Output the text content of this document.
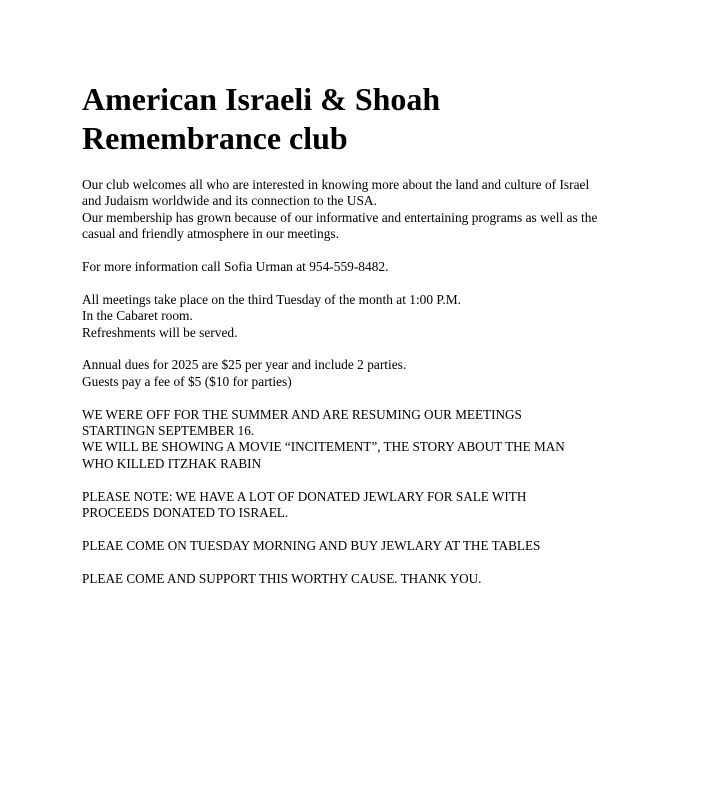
American Israeli & Shoah
Remembrance club

Our club welcomes all who are interested in knowing more about the land and culture of Israel
and Judaism worldwide and its connection to the USA.
Our membership has grown because of our informative and entertaining programs as well as the
casual and friendly atmosphere in our meetings.

For more information call Sofia Urman at 954-559-8482.

All meetings take place on the third Tuesday of the month at 1:00 P.M.
In the Cabaret room.
Refreshments will be served.

Annual dues for 2025 are $25 per year and include 2 parties.
Guests pay a fee of $5 ($10 for parties)

WE WERE OFF FOR THE SUMMER AND ARE RESUMING OUR MEETINGS
STARTINGN SEPTEMBER 16.
WE WILL BE SHOWING A MOVIE “INCITEMENT”, THE STORY ABOUT THE MAN
WHO KILLED ITZHAK RABIN

PLEASE NOTE: WE HAVE A LOT OF DONATED JEWLARY FOR SALE WITH
PROCEEDS DONATED TO ISRAEL.

PLEAE COME ON TUESDAY MORNING AND BUY JEWLARY AT THE TABLES

PLEAE COME AND SUPPORT THIS WORTHY CAUSE. THANK YOU.
